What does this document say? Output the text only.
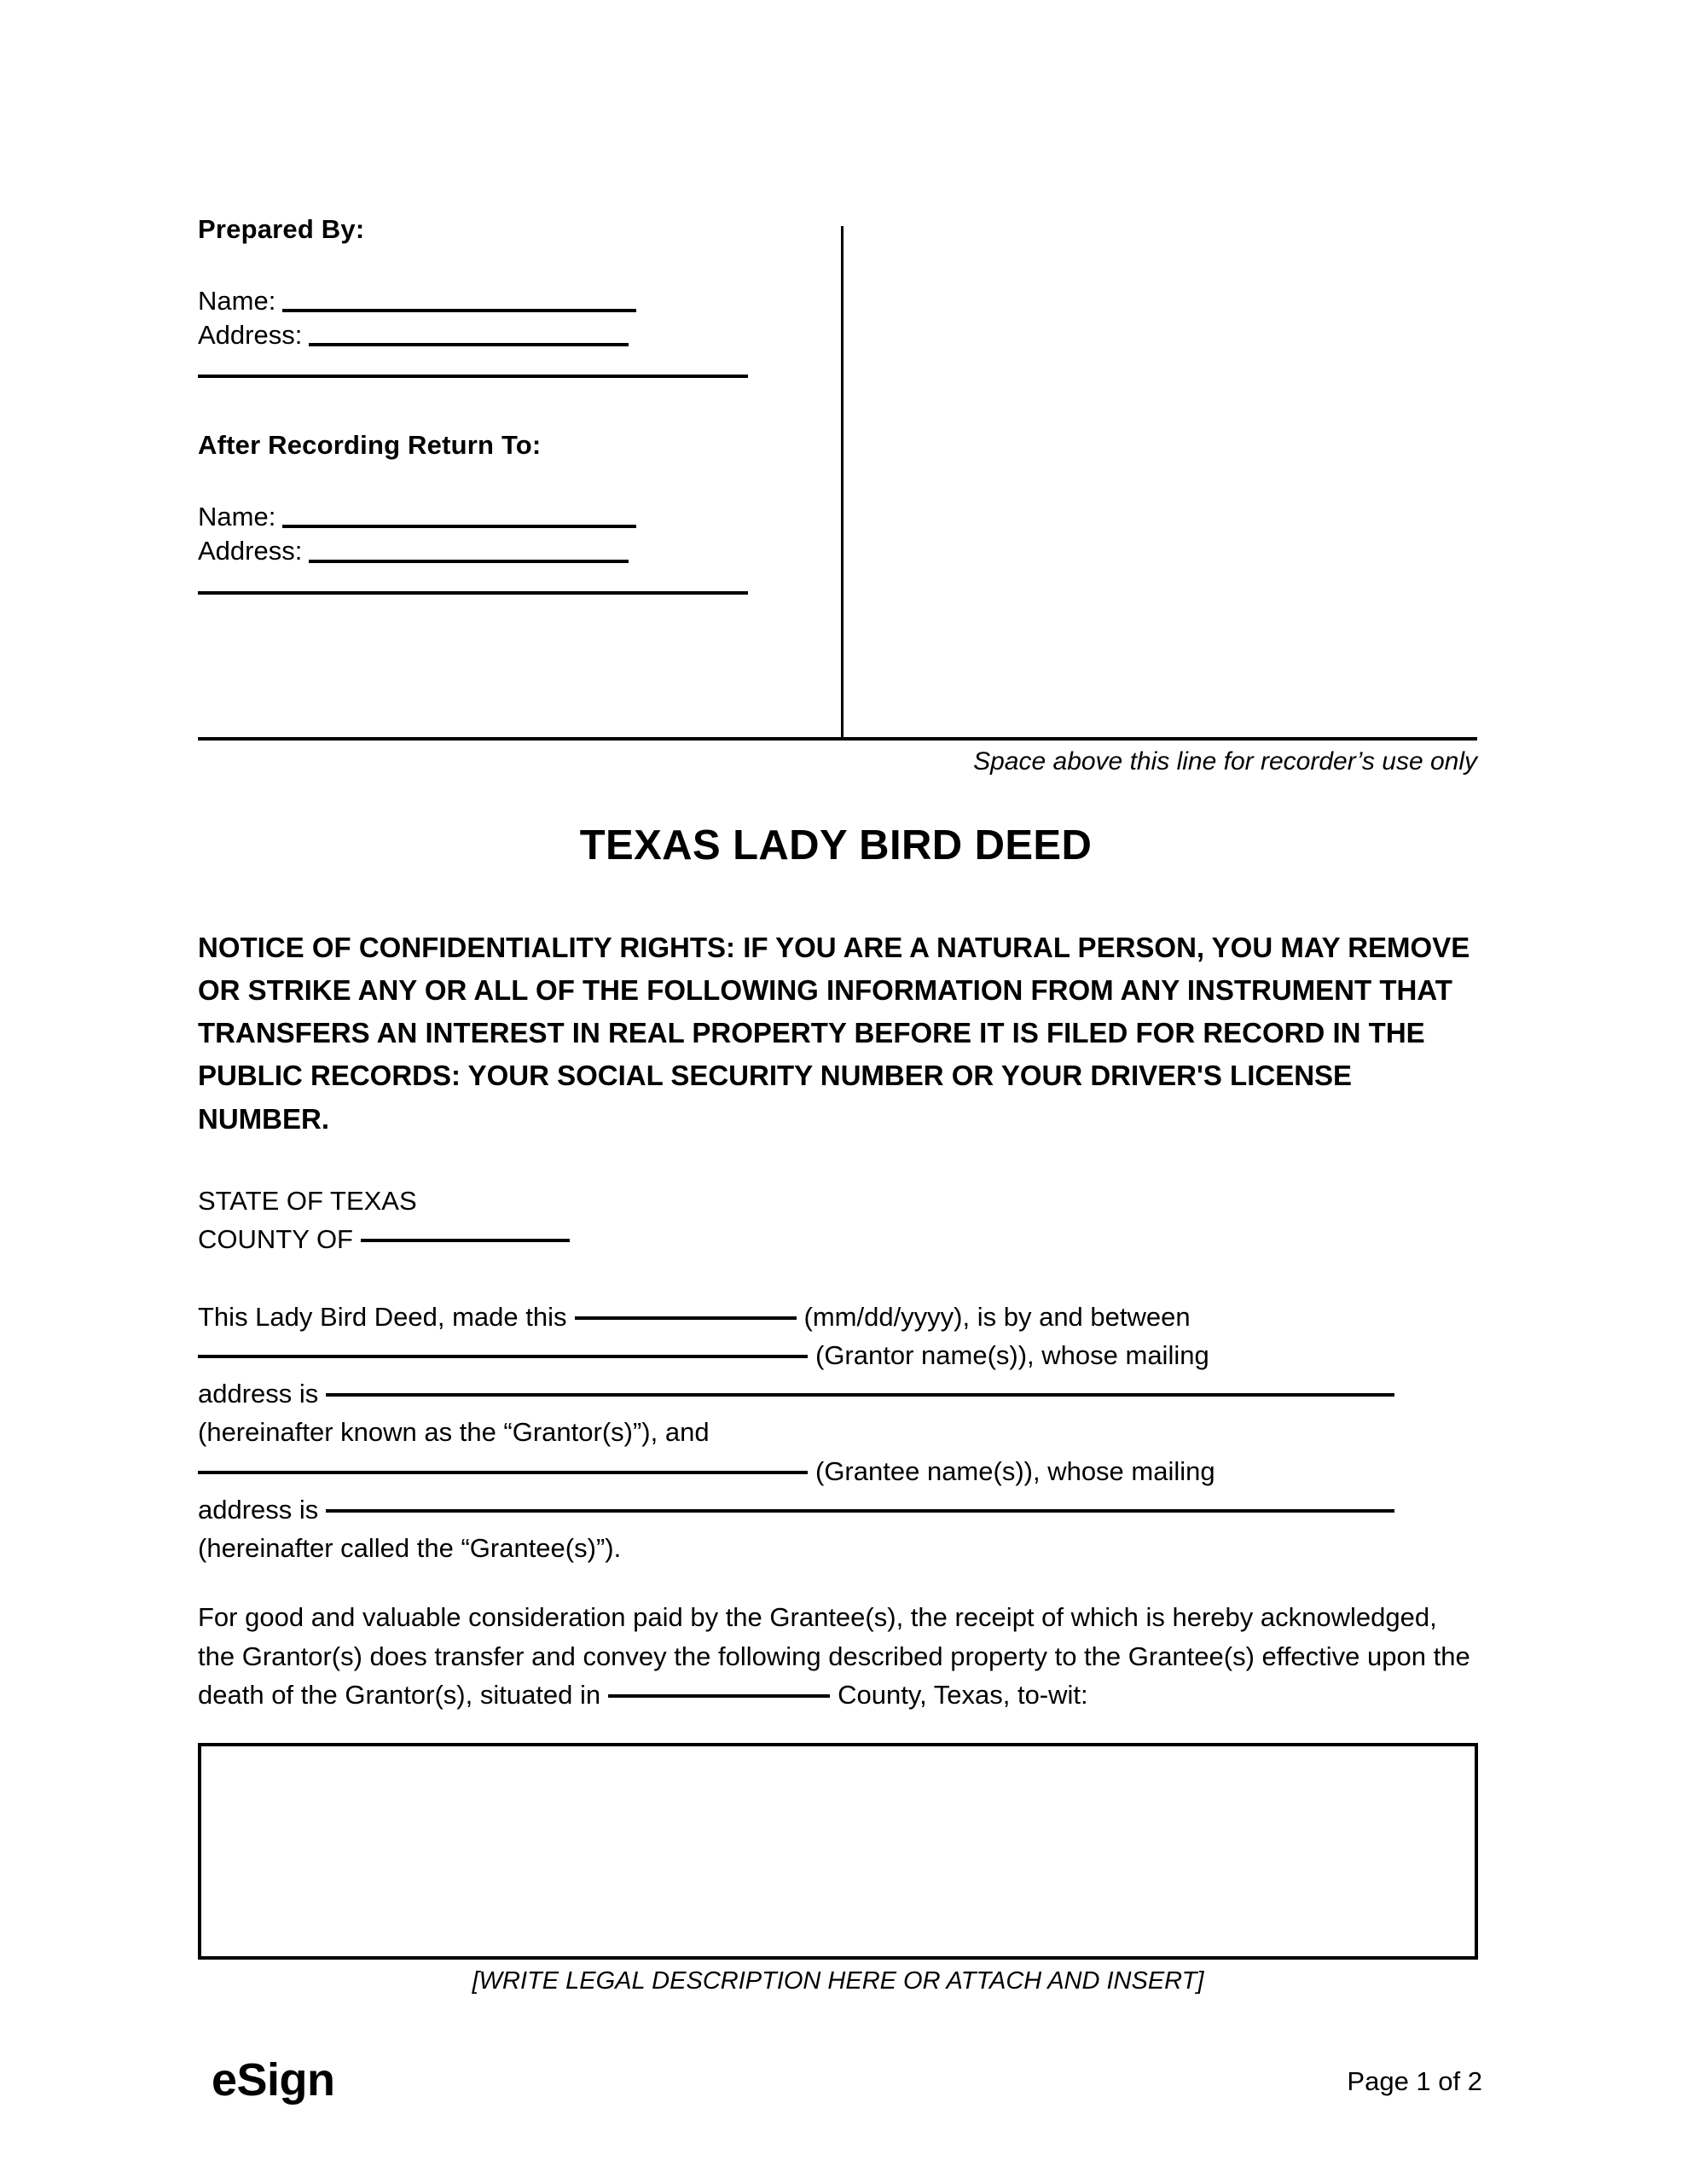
Prepared By:

Name:
Address:

After Recording Return To:

Name:
Address:
Space above this line for recorder’s use only
TEXAS LADY BIRD DEED

NOTICE OF CONFIDENTIALITY RIGHTS: IF YOU ARE A NATURAL PERSON, YOU MAY REMOVE OR STRIKE ANY OR ALL OF THE FOLLOWING INFORMATION FROM ANY INSTRUMENT THAT TRANSFERS AN INTEREST IN REAL PROPERTY BEFORE IT IS FILED FOR RECORD IN THE PUBLIC RECORDS: YOUR SOCIAL SECURITY NUMBER OR YOUR DRIVER'S LICENSE NUMBER.

STATE OF TEXAS

COUNTY OF
This Lady Bird Deed, made this	(mm/dd/yyyy), is by and between
(Grantor name(s)), whose mailing
address is

(hereinafter known as the “Grantor(s)”), and

(Grantee name(s)), whose mailing
address is

(hereinafter called the “Grantee(s)”).

For good and valuable consideration paid by the Grantee(s), the receipt of which is hereby acknowledged, the Grantor(s) does transfer and convey the following described property to the Grantee(s) effective upon the death of the Grantor(s), situated in	County, Texas, to-wit:

[WRITE LEGAL DESCRIPTION HERE OR ATTACH AND INSERT]
eSign	Page 1 of 2
